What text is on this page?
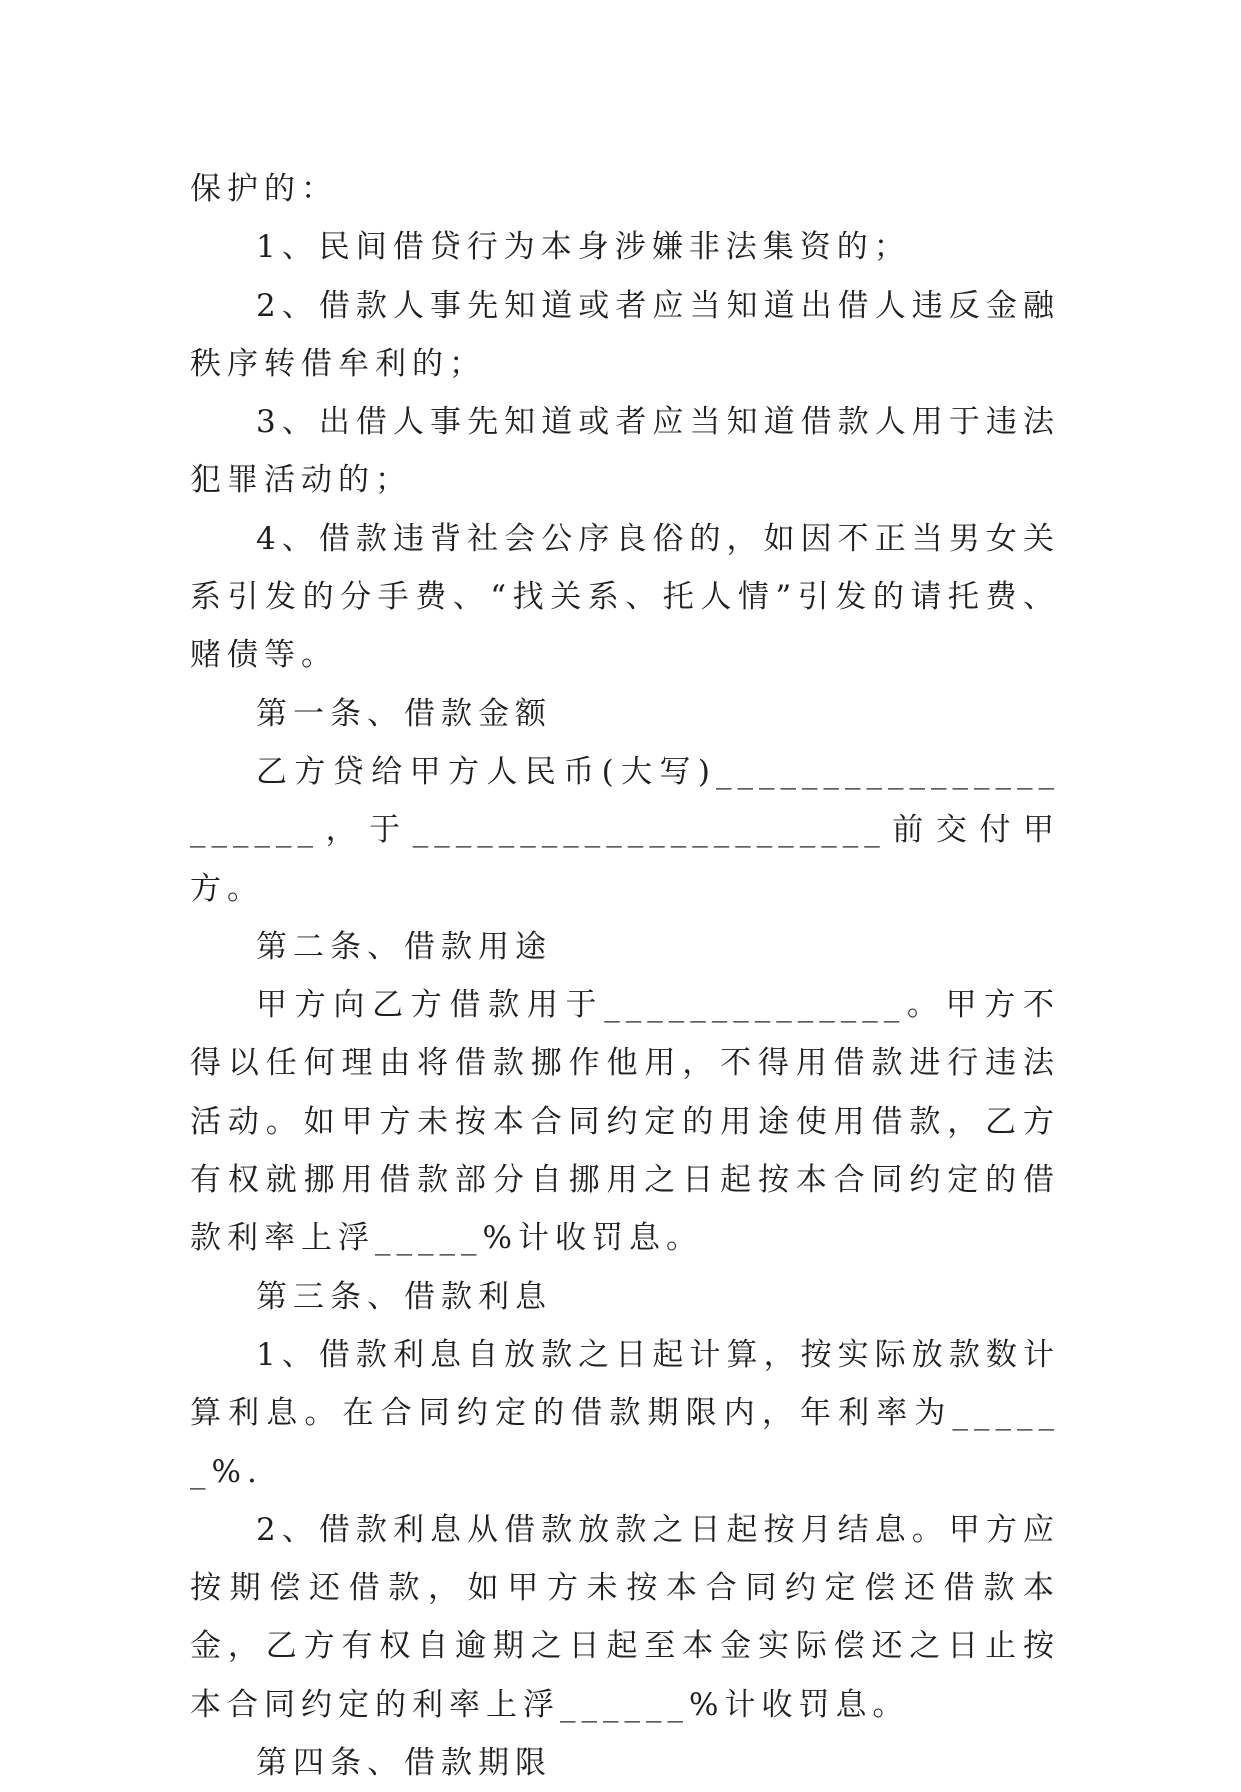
保护的：

1、民间借贷行为本身涉嫌非法集资的；

2、借款人事先知道或者应当知道出借人违反金融秩序转借牟利的；

3、出借人事先知道或者应当知道借款人用于违法犯罪活动的；

4、借款违背社会公序良俗的，如因不正当男女关系引发的分手费、“找关系、托人情”引发的请托费、赌债等。

第一条、借款金额

乙方贷给甲方人民币(大写)______________________，于______________________前交付甲方。

第二条、借款用途

甲方向乙方借款用于______________。甲方不得以任何理由将借款挪作他用，不得用借款进行违法活动。如甲方未按本合同约定的用途使用借款，乙方有权就挪用借款部分自挪用之日起按本合同约定的借款利率上浮_____%计收罚息。

第三条、借款利息

1、借款利息自放款之日起计算，按实际放款数计算利息。在合同约定的借款期限内，年利率为______%.

2、借款利息从借款放款之日起按月结息。甲方应按期偿还借款，如甲方未按本合同约定偿还借款本金，乙方有权自逾期之日起至本金实际偿还之日止按本合同约定的利率上浮______%计收罚息。

第四条、借款期限
